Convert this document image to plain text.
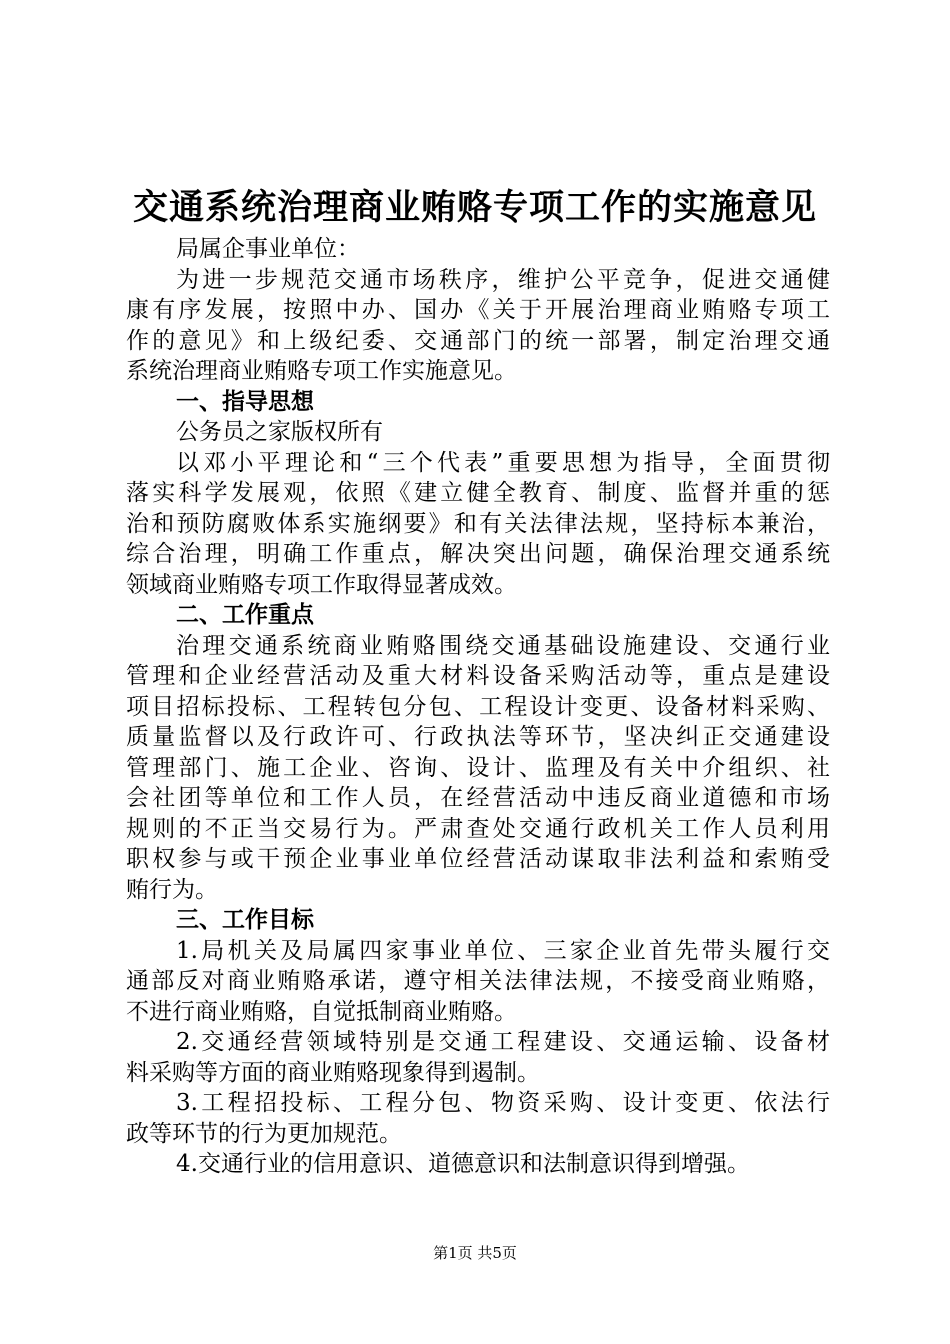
交通系统治理商业贿赂专项工作的实施意见
局属企事业单位：
为进一步规范交通市场秩序，维护公平竞争，促进交通健
康有序发展，按照中办、国办《关于开展治理商业贿赂专项工
作的意见》和上级纪委、交通部门的统一部署，制定治理交通
系统治理商业贿赂专项工作实施意见。
一、指导思想
公务员之家版权所有
以邓小平理论和“三个代表”重要思想为指导，全面贯彻
落实科学发展观，依照《建立健全教育、制度、监督并重的惩
治和预防腐败体系实施纲要》和有关法律法规，坚持标本兼治，
综合治理，明确工作重点，解决突出问题，确保治理交通系统
领域商业贿赂专项工作取得显著成效。
二、工作重点
治理交通系统商业贿赂围绕交通基础设施建设、交通行业
管理和企业经营活动及重大材料设备采购活动等，重点是建设
项目招标投标、工程转包分包、工程设计变更、设备材料采购、
质量监督以及行政许可、行政执法等环节，坚决纠正交通建设
管理部门、施工企业、咨询、设计、监理及有关中介组织、社
会社团等单位和工作人员，在经营活动中违反商业道德和市场
规则的不正当交易行为。严肃查处交通行政机关工作人员利用
职权参与或干预企业事业单位经营活动谋取非法利益和索贿受
贿行为。
三、工作目标
1.局机关及局属四家事业单位、三家企业首先带头履行交
通部反对商业贿赂承诺，遵守相关法律法规，不接受商业贿赂，
不进行商业贿赂，自觉抵制商业贿赂。
2.交通经营领域特别是交通工程建设、交通运输、设备材
料采购等方面的商业贿赂现象得到遏制。
3.工程招投标、工程分包、物资采购、设计变更、依法行
政等环节的行为更加规范。
4.交通行业的信用意识、道德意识和法制意识得到增强。
第1页 共5页
